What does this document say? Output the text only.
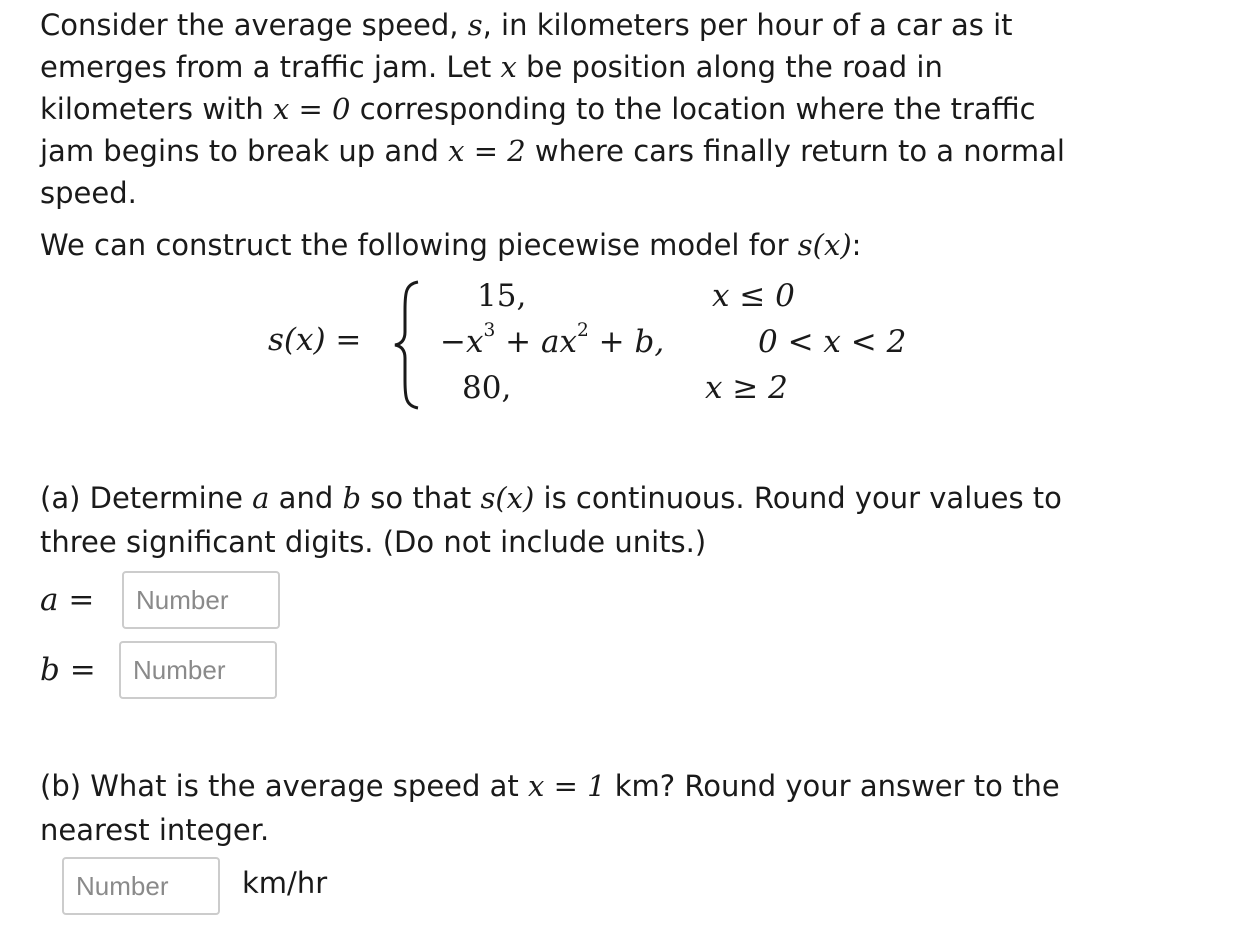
Consider the average speed, s, in kilometers per hour of a car as it
emerges from a traffic jam. Let x be position along the road in
kilometers with x = 0 corresponding to the location where the traffic
jam begins to break up and x = 2 where cars finally return to a normal
speed.
We can construct the following piecewise model for s(x):
s(x) =
15,	x ≤ 0
$-x^3 + ax^2 + b$,	0 < x < 2
80,	x ≥ 2
(a) Determine a and b so that s(x) is continuous. Round your values to
three significant digits. (Do not include units.)
a =
Number
b =
Number
(b) What is the average speed at x = 1 km? Round your answer to the
nearest integer.
Number
km/hr
